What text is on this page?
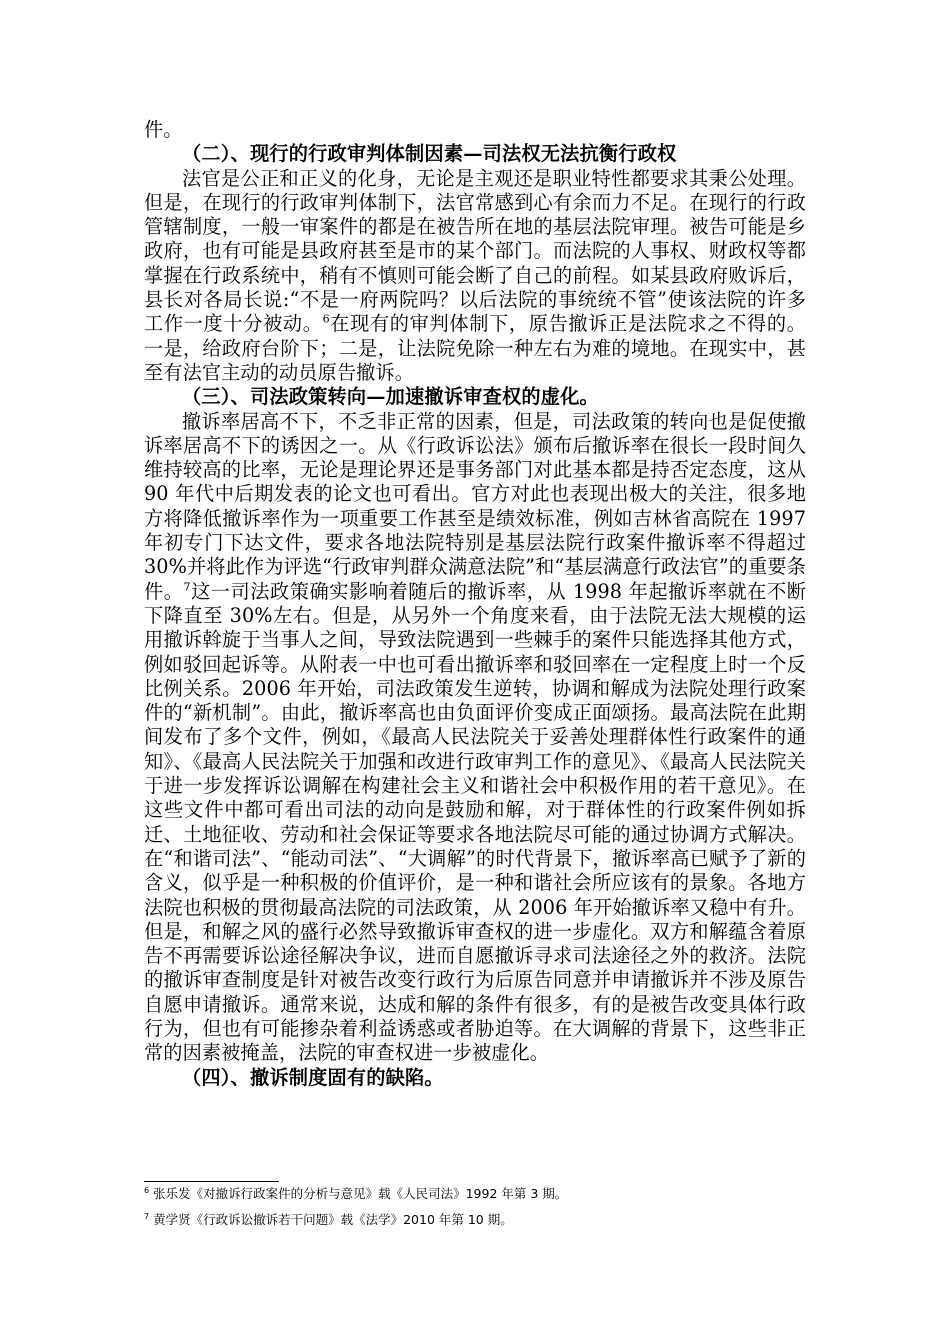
件。

（二）、现行的行政审判体制因素—司法权无法抗衡行政权

法官是公正和正义的化身，无论是主观还是职业特性都要求其秉公处理。但是，在现行的行政审判体制下，法官常感到心有余而力不足。在现行的行政管辖制度，一般一审案件的都是在被告所在地的基层法院审理。被告可能是乡政府，也有可能是县政府甚至是市的某个部门。而法院的人事权、财政权等都掌握在行政系统中，稍有不慎则可能会断了自己的前程。如某县政府败诉后，县长对各局长说:“不是一府两院吗？以后法院的事统统不管”使该法院的许多工作一度十分被动。$^6$在现有的审判体制下，原告撤诉正是法院求之不得的。一是，给政府台阶下；二是，让法院免除一种左右为难的境地。在现实中，甚至有法官主动的动员原告撤诉。

（三）、司法政策转向—加速撤诉审查权的虚化。

撤诉率居高不下，不乏非正常的因素，但是，司法政策的转向也是促使撤诉率居高不下的诱因之一。从《行政诉讼法》颁布后撤诉率在很长一段时间久维持较高的比率，无论是理论界还是事务部门对此基本都是持否定态度，这从 90 年代中后期发表的论文也可看出。官方对此也表现出极大的关注，很多地方将降低撤诉率作为一项重要工作甚至是绩效标准，例如吉林省高院在 1997 年初专门下达文件，要求各地法院特别是基层法院行政案件撤诉率不得超过 30%并将此作为评选“行政审判群众满意法院”和“基层满意行政法官”的重要条件。$^7$这一司法政策确实影响着随后的撤诉率，从 1998 年起撤诉率就在不断下降直至 30%左右。但是，从另外一个角度来看，由于法院无法大规模的运用撤诉斡旋于当事人之间，导致法院遇到一些棘手的案件只能选择其他方式，例如驳回起诉等。从附表一中也可看出撤诉率和驳回率在一定程度上时一个反比例关系。2006 年开始，司法政策发生逆转，协调和解成为法院处理行政案件的“新机制”。由此，撤诉率高也由负面评价变成正面颂扬。最高法院在此期间发布了多个文件，例如，《最高人民法院关于妥善处理群体性行政案件的通知》、《最高人民法院关于加强和改进行政审判工作的意见》、《最高人民法院关于进一步发挥诉讼调解在构建社会主义和谐社会中积极作用的若干意见》。在这些文件中都可看出司法的动向是鼓励和解，对于群体性的行政案件例如拆迁、土地征收、劳动和社会保证等要求各地法院尽可能的通过协调方式解决。在“和谐司法”、“能动司法”、“大调解”的时代背景下，撤诉率高已赋予了新的含义，似乎是一种积极的价值评价，是一种和谐社会所应该有的景象。各地方法院也积极的贯彻最高法院的司法政策，从 2006 年开始撤诉率又稳中有升。但是，和解之风的盛行必然导致撤诉审查权的进一步虚化。双方和解蕴含着原告不再需要诉讼途径解决争议，进而自愿撤诉寻求司法途径之外的救济。法院的撤诉审查制度是针对被告改变行政行为后原告同意并申请撤诉并不涉及原告自愿申请撤诉。通常来说，达成和解的条件有很多，有的是被告改变具体行政行为，但也有可能掺杂着利益诱惑或者胁迫等。在大调解的背景下，这些非正常的因素被掩盖，法院的审查权进一步被虚化。

（四）、撤诉制度固有的缺陷。

$^6$ 张乐发《对撤诉行政案件的分析与意见》载《人民司法》1992 年第 3 期。

$^7$ 黄学贤《行政诉讼撤诉若干问题》载《法学》2010 年第 10 期。
